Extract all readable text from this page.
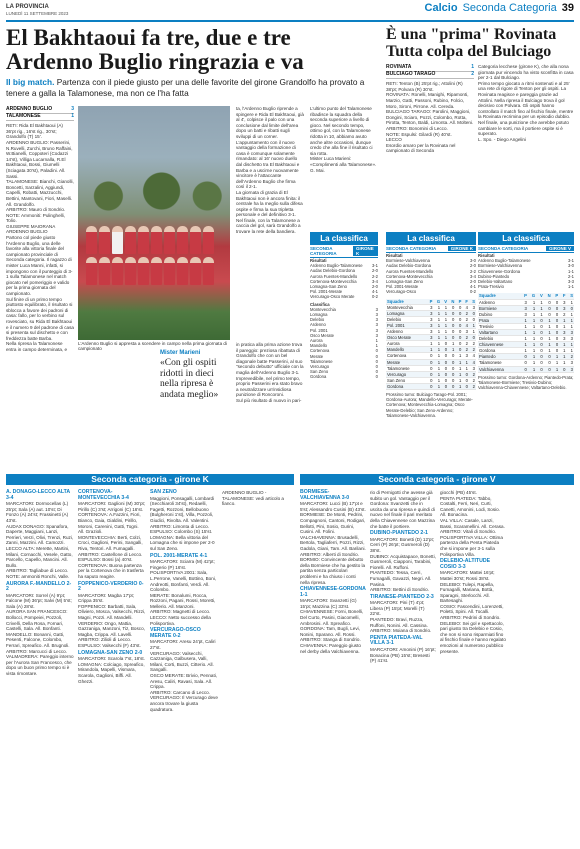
LA PROVINCIA
LUNEDÌ 11 SETTEMBRE 2023	Calcio Seconda Categoria 39
El Bakhtaoui fa tre, due e tre Ardenno Buglio ringrazia e va
Il big match. Partenza con il piede giusto per una delle favorite del girone Grandolfo ha provato a tenere a galla la Talamonese, ma non ce l'ha fatta
ARDENNO BUGLIO	3
TALAMONESE	1
RETI: Rida El Bakhtaoui (A) 36'pt rig., 16'st rig., 30'st; Grandolfo (T) 15'.
ARDENNO BUGLIO: Passerini, N.Ruvelli, Zurchi, Bruno Raffaini, W.Bianelli, Coppoteri (Codazzi 14'st), Villiga Lucarnalla, R.El Bakhtaoui, Bossi, Giumelli (Sciagata 30'st), Paladini. All. Sassi.
TALAMONESE: Bianchi, Gianolli, Boncetti, Sarzalini, Aggiundi, Capelli, Robatti, Mazzucchi, Bettini, Mantovani, Fiori, Maselli. All. Grandolfo.
ARBITRO: Mauro di Sondrio.
NOTE: Ammoniti: Pulinghelli, Tolio.
GIUSEPPE MAIORANA
ARDENNO BUGLIO
Partono col piede giusto l'Ardenno Buglio, una delle favorite alla vittoria finale del campionato provinciale di Seconda categoria. Il ragazzo di mister Luca Manni, infatti, si impongono con il punteggio di 3-1 sulla Talamonese nel match giocato nel pomeriggio e valido per la prima giornata del campionato.
Sul finire di un primo tempo piuttosto equilibrato, il risultato si sblocca a favore dei padroni di casa: fallo, per lo verbino sul rovesciato, su Rida El Bakhtaoui e il numero 9 del padrone di casa si presenta sul dischetto e con freddezza batte Barba.
Nella ripresa la Talamonese entra in campo determinata, e
L'Ardenno Buglio si appresta a scendere in campo nella prima giornata di campionato
ta, l'Ardenno Buglio riprende a spingere e Rida El Bakhtaoui, già al 4', colpisce il palo con una conclusione dal limite dell'area dopo un batti e ribatti sugli sviluppi di un corner. L'appuntamento con il nuovo vantaggio della formazione di casa è comunque solamente rimandato: al 16' nuovo duello dal dischetto tra El Bakhtaoui e Barba e a uscirne nuovamente vincitore è l'attaccante dell'Ardenno Buglio che firma così il 2-1.
La giornata di grazia di El Bakhtaoui non è ancora finita: il centrale ha la meglio sulla difesa ospite e firma la sua tripletta personale e del definitivo 3-1.
Nel finale, con la Talamonese a caccia del gol, sarà Grandolfo a trovare la rete della bandiera.
Mister Marieni
«Con gli ospiti ridotti in dieci nella ripresa è andata meglio»
in pratica alla prima azione trova il pareggio: preziosa ribattuta di Grandolfo che con un bel diagonale batte Passerini, al suo "secondo debutto" ufficiale con la maglia dell'Ardenno Buglio 3-1. Imprevedibile, nel primo tempo, proprio Passerini era stato bravo a neutralizzare un'insidiosa punizione di Roncoroni.
Sul più risultato di nuovo in pari-
L'ultimo punto del Talamonese ribadisce la squadra della seconda superiore a livello di gioco. Nel secondo tempo, ottimo gol, con la Talamonese ridotta in 10, abbiamo avuto anche altre occasioni, dunque credo che alla fine il risultato ci sia rotta.
Mister Luca Marieni: «Complimenti alla Talamonese».
G. Mai.
È una "prima" Rovinata Tutta colpa del Bulciago
ROVINATA	1
BULCIAGO TARAGO	2
RETI: Tenton (B) 25'pt rig.; Attolini (R) 38'pt; Polvara (R) 30'st.
ROVINATA: Ronelli, Manighi, Ripamonti, Marzio, Gatti, Passoni, Rubino, Folcio, Moro, Sironi, Pirrone. All. Cereda.
BULCIAGO TARAGO: Parolini, Maggioni, Dongini, Sciaro, Pozzi, Colombo, Rotta, Pirotta, Tenton, Baldi, Limonta. All. Molteni.
ARBITRO: Bonomini di Lecco.
NOTE: Espulsi: Gilardi (R) 40'st.
LECCO
Esordio amaro per la Rovinata nel campionato di Seconda
Categoria lecchese (girone K), che alla nona giornata pur vincendo ha visto sconfitta in casa per 2-1 dal Bulciago.
Primo tempo giocato a ritmi sostenuti e al 25' una rete di rigore di Tenton per gli ospiti. La Rovinata reagisce e pareggia grazie ad Attolini. Nella ripresa il Bulciago trova il gol decisivo con Polvara. Gli ospiti hanno controllato il match fino al fischio finale, mentre la Rovinata recrimina per un episodio dubbio.
Nel finale, una punizione che avrebbe potuto cambiare le sorti, ma il portiere ospite si è superato.
L. Spo. - Diego Angelini
La classifica
SECONDA CATEGORIA
GIRONE K
Risultati
Ardenno Buglio-Talamonese 3-1
Audax Delebio-Gordona	2-0
Aurora Fuentes-Mandello	2-2
Cortenova-Montevecchia	3-4
Lomagna-San Zeno	2-0
Pol. 2001-Merate	4-1
Vercurago-Osco Merate	0-2
Classifica
Montevecchia	3
Lomagna	3
Delebio	3
Ardenno	3
Pol. 2001	3
Osco Merate	3
Aurora	1
Mandello	1
Cortenova	0
Merate	0
Talamonese	0
Vercurago	0
San Zeno	0
Gordona	0
La classifica
SECONDA CATEGORIA	GIRONE K
Risultati
Bormiese-Valchiavenna	3-0
Audax Delebio-Gordona	2-0
Aurora Fuentes-Mandello	2-2
Cortenova-Montevecchia	3-4
Lomagna-San Zeno	2-0
Pol. 2001-Merate	4-1
Vercurago-Osco	0-2
Squadre	P	G	V	N	P	F	S
Montevecchia	3	1	1	0	0	4	3
Lomagna	3	1	1	0	0	2	0
Delebio	3	1	1	0	0	2	0
Pol. 2001	3	1	1	0	0	4	1
Ardenno	3	1	1	0	0	3	1
Osco Merate	3	1	1	0	0	2	0
Aurora	1	1	0	1	0	2	2
Mandello	1	1	0	1	0	2	2
Cortenova	0	1	0	0	1	3	4
Merate	0	1	0	0	1	1	4
Talamonese	0	1	0	0	1	1	3
Vercurago	0	1	0	0	1	0	2
San Zeno	0	1	0	0	1	0	2
Gordona	0	1	0	0	1	0	2
Prossimo turno: Bulciago Tarago-Pol. 2001; Gordona-Aurora; Mandello-Vercurago; Merate-Cortenova; Montevecchia-Lomagna; Osco Merate-Delebio; San Zeno-Ardenno; Talamonese-Valchiavenna.
La classifica
SECONDA CATEGORIA	GIRONE V
Risultati
Ardenno Buglio-Talamonese	3-1
Bormiese-Valchiavenna	3-0
Chiavennese-Gordona	1-1
Dubino-Piantedo	2-1
Delebio-Valtartano	3-3
Prata-Tresivio	1-1
Squadre	P	G	V	N	P	F	S
Ardenno	3	1	1	0	0	3	1
Bormiese	3	1	1	0	0	3	0
Dubino	3	1	1	0	0	2	1
Prata	1	1	0	1	0	1	1
Tresivio	1	1	0	1	0	1	1
Valtartano	1	1	0	1	0	3	3
Delebio	1	1	0	1	0	3	3
Chiavennese	1	1	0	1	0	1	1
Gordona	1	1	0	1	0	1	1
Piantedo	0	1	0	0	1	1	2
Talamonese	0	1	0	0	1	1	3
Valchiavenna	0	1	0	0	1	0	3
Prossimo turno: Gordona-Ardenno; Piantedo-Prata; Talamonese-Bormiese; Tresivio-Dubino; Valchiavenna-Chiavennese; Valtartano-Delebio.
Seconda categoria - girone K	Seconda categoria - girone V
A. DONAGO-LECCO ALTA 3-4
MARCATORI: Dormocellas (L) 25'pt; Sala (A) aut. 10'st; Di Fonzo (A) 24'st; Frassinetti (A) 43'st.
AUDAX DONAGO: Spanafora, Daperte, Maggiani, Lanzi, Perrieri, Verzi, Olivi, Trenzi, Ruzi, Zanni, Mazzini. All. Camozzi.
LECCO ALTA: Merette, Martini, Milani, Cornacchi, Vesele, Gatto, Parcello, Capello, Mancini. All. Bullo.
ARBITRO: Tagliabue di Lecco.
NOTE: ammoniti Ronchi, Valle.
AURORA F.-MANDELLO 2-2
MARCATORI: Sorrel (A) 9'pt; Falcone (M) 36'pt; Salvi (M) 5'st; Sala (A) 28'st.
AURORA SAN FRANCESCO: Bollocci, Pompeiei, Pozzoli, Crivelli, Della Rosa, Fornari, Castelli, Sala. All. Bonfanti.
MANDELLO: Bonanni, Gatti, Pesenti, Falcone, Colombo, Ferrari, Spreafico. All. Brugnoli.
ARBITRO: Marcucci di Lecco.
VALMADRERA: Pareggio interno per l'Aurora San Francesco, che dopo un buon primo tempo si è vista rimontare.
CORTENOVA-MONTEVECCHIA 3-4
MARCATORI: Gaglioni (M) 30'pt; Pirillo (C) 3'st; Arrigoni (C) 16'st.
CORTENOVA: A.Fazzini, Fiori, Bianco, Gaia, Gialdini, Pirillo, Moroni, Carenini, Gatti, Togni. All. Grazioli.
MONTEVECCHIA: Berti, Colzi, Croci, Gaglioni, Perini, Sangalli, Riva, Tentori. All. Fumagalli.
ARBITRO: Castellone di Lecco.
ESPULSO: Bossi (a) 40'st.
CORTENOVA: Buona partenza per la Cortenova che in trasferta ha saputo reagire.
FOPPENICO-VERDERIO 0-2
MARCATORI: Magba 17'pt; Crippa 35'st.
FOPPENICO: Barbatti, Sala, Oliviero, Mosca, Valsecchi, Rizzi, Magni, Pozzi. All. Mandelli.
VERDERIO: Ongo, Mattia, Gazzaniga, Manzoni, Tiz, Bosco, Magba, Crippa. All. Lavelli.
ARBITRO: Zilioli di Lecco.
ESPULSO: Valsecchi (F) 43'st.
LOMAGNA-SAN ZENO 2-0
MARCATORI: Scarola 7'st, 18'st.
LOMAGNA: Colciago, Spreafico, Mirandola, Mapelli, Vismara, Scarola, Gaglioni, Biffi. All. Ghezzi.
SAN ZENO
Maggioni, Ponsagalli, Lombardi (Secchiaroli 34'st), Redaelli, Fagetti, Rozzoni, Bellobuono (Bulgheroni 1'st), Villa, Pozzoli, Giudici, Rivolta. All. Valentini.
ARBITRO: Limonta di Lecco.
ESPULSO: Colombo (S) 15'st.
LOMAGNA: Bella vittoria del Lomagna che si impone per 2-0 sul San Zeno.
POL. 2001-MERATE 4-1
MARCATORI: Sciarra (M) 42'pt; Fingerio (P) 16'st.
POLISPORTIVA 2001: Sala, L.Perrone, Vanelli, Bottino, Boni, Andreotti, Bonfanti, Verdi. All. Colombo.
MERATE: Bonalumi, Rocca, Rozzoni, Pagani, Rossi, Moretti, Mellerio. All. Manzoni.
ARBITRO: Magnetti di Lecco.
LECCO: Netto successo della Polisportiva.
VERCURAGO-OSCO MERATE 0-2
MARCATORI: Aresu 24'pt, Caliri 27'st.
VERCURAGO: Valsecchi, Cazzaniga, Galbusera, Valli, Milani, Corti, Buzzi, Citterio. All. Sangalli.
OSCO MERATE: Brivio, Pennati, Aresu, Caliri, Ravasi, Sala. All. Crippa.
ARBITRO: Carcano di Lecco.
VERCURAGO: Il Vercurago deve ancora trovare la giusta quadratura.
ARDENNO BUGLIO - TALAMONESE: vedi articolo a fianco.
BORMIESE-VALCHIAVENNA 3-0
MARCATORI: Lucci (B) 17'pt e 5'st; Alessandro Cusini (B) 43'st.
BORMIESE: De Monti, Pedrini, Compagnoni, Cantoni, Rodigari, Bellotti, Pini, Sosio, Gurini, Cusini. All. Folini.
VALCHIAVENNA: Brusadelli, Bertola, Tagliaferri, Pozzi, Rizzi, Gadola, Giani, Tam. All. Barilani.
ARBITRO: Alberti di Sondrio.
BORMIO: Convincente debutto della Bormiese che ha gestito la partita senza particolari problemi e ha chiuso i conti nella ripresa.
CHIAVENNESE-GORDONA 1-1
MARCATORI: Svanzetti (G) 15'pt; Mazzina (C) 33'st.
CHIAVENNESE: Forni, Bonelli, Del Curto, Pasini, Giacomelli, Ambrosini. All. Spreafico.
GORDONA: Tam, Bugli, Levi, Nonini, Sparano. All. Rossi.
ARBITRO: Stanga di Sondrio.
CHIAVENNA: Pareggio giusto nel derby della Valchiavenna.
rio di Pernigotti che avesse già subito un gol. Vantaggio per il Gordona: Svanzetti che in uscita da una ripresa e quindi di nuovo nel finale il pari meritato della Chiavennese con Mazzina che batte il portiere.
DUBINO-PIANTEDO 2-1
MARCATORI: Bonetti (D) 12'pt; Cerri (P) 26'pt; Gusmeroli (D) 38'st.
DUBINO: Acquistapace, Bonetti, Gusmeroli, Ciapponi, Tarabini, Fiorelli. All. Ruffoni.
PIANTEDO: Tessa, Cerri, Fumagalli, Gavazzi, Negri. All. Pasina.
ARBITRO: Bettini di Sondrio.
TIRANESE-PIANTEDO 2-3
MARCATORI: Pini (T) 4'pt; Libera (P) 15'pt; Morelli (T) 22'st.
PIANTEDO: Bravi, Ruzza, Ruffoni, Nonini. All. Cassina.
ARBITRO: Moiana di Sondrio.
PENTA PIATEDA-VAL VILLA 3-1
MARCATORI: Amonini (P) 16'pt; Bonacina (PB) 15'st; Bresesti (P) 41'st.
giocchi (PB) 45'st.
PENTA PIATEDA: Tabbo, Costalti, Ferri, Neri, Curti, Canetti, Amonini, Lodi, Sosio. All. Bonacina.
VAL VILLA: Casale, Lanzi, Bassi, Scaramellini. All. Cerasa.
ARBITRO: Vitali di Sondrio.
POLISPORTIVA VILLA: Ottima partenza della Penta Piateda che si impone per 3-1 sulla Polisportiva Villa.
DELEBIO-ALTITUDE COSIO 3-3
MARCATORI: Mattei 16'pt; Mattei 30'st; Rossi 38'st.
DELEBIO: Tulepi, Rapella, Fumagalli, Mariana, Bottà, Sparagni, Sterlocchi. All. Bartesaghi.
COSIO: Fascendini, Lorenzetti, Poletti, Spini. All. Tocalli.
ARBITRO: Pedrini di Sondrio.
DELEBIO: Sei gol e spettacolo, pari giusto tra Delebio e Cosio, che non si sono risparmiati fino al fischio finale e hanno regalato emozioni al numeroso pubblico presente.
